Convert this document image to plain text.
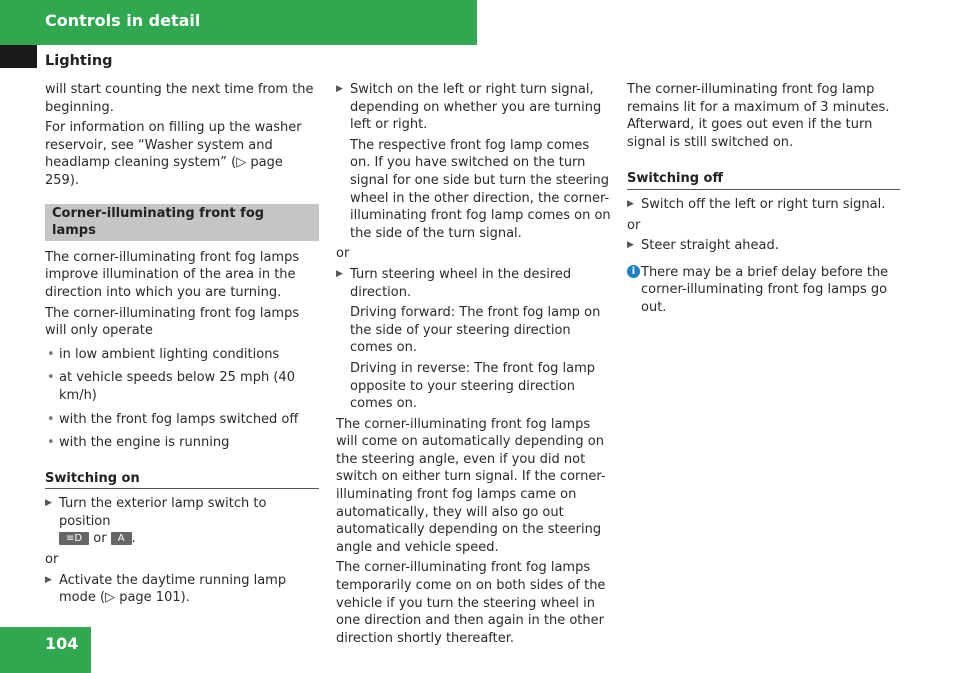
Controls in detail
Lighting

will start counting the next time from the beginning.

For information on filling up the washer reservoir, see “Washer system and headlamp cleaning system” (▷ page 259).

Corner-illuminating front fog lamps

The corner-illuminating front fog lamps improve illumination of the area in the direction into which you are turning.

The corner-illuminating front fog lamps will only operate

• in low ambient lighting conditions
• at vehicle speeds below 25 mph (40 km/h)
• with the front fog lamps switched off
• with the engine is running
Switching on
▶ Turn the exterior lamp switch to position
≡D or A .

or

▶ Activate the daytime running lamp mode (▷ page 101).
▶ Switch on the left or right turn signal, depending on whether you are turning left or right.

The respective front fog lamp comes on. If you have switched on the turn signal for one side but turn the steering wheel in the other direction, the corner-illuminating front fog lamp comes on on the side of the turn signal.

or

▶ Turn steering wheel in the desired direction.

Driving forward: The front fog lamp on the side of your steering direction comes on.

Driving in reverse: The front fog lamp opposite to your steering direction comes on.

The corner-illuminating front fog lamps will come on automatically depending on the steering angle, even if you did not switch on either turn signal. If the corner-illuminating front fog lamps came on automatically, they will also go out automatically depending on the steering angle and vehicle speed.

The corner-illuminating front fog lamps temporarily come on on both sides of the vehicle if you turn the steering wheel in one direction and then again in the other direction shortly thereafter.

The corner-illuminating front fog lamp remains lit for a maximum of 3 minutes. Afterward, it goes out even if the turn signal is still switched on.

Switching off
▶ Switch off the left or right turn signal.

or

▶ Steer straight ahead.
i There may be a brief delay before the corner-illuminating front fog lamps go out.
104
